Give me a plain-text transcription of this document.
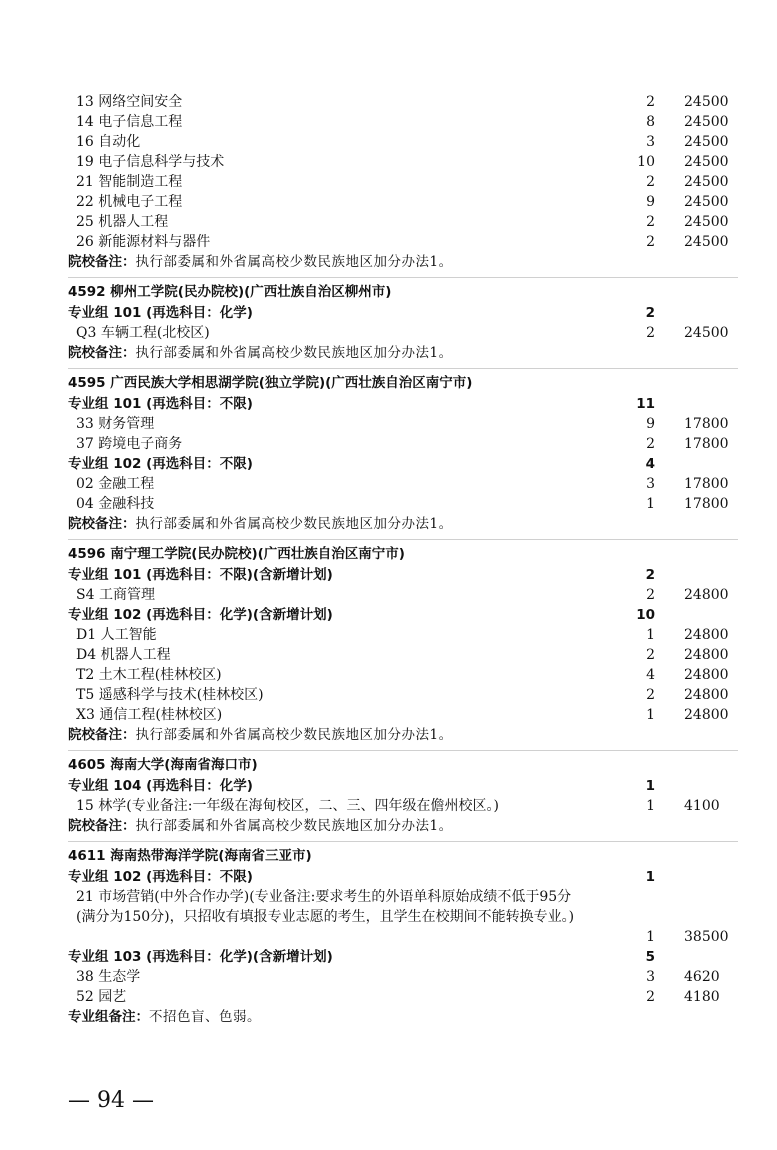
13 网络空间安全	2 24500
14 电子信息工程	8 24500
16 自动化	3 24500
19 电子信息科学与技术	10 24500
21 智能制造工程	2 24500
22 机械电子工程	9 24500
25 机器人工程	2 24500
26 新能源材料与器件	2 24500
院校备注：执行部委属和外省属高校少数民族地区加分办法1。
4592 柳州工学院(民办院校)(广西壮族自治区柳州市)
专业组 101 (再选科目：化学)	2
Q3 车辆工程(北校区)	2 24500
院校备注：执行部委属和外省属高校少数民族地区加分办法1。
4595 广西民族大学相思湖学院(独立学院)(广西壮族自治区南宁市)
专业组 101 (再选科目：不限)	11
33 财务管理	9 17800
37 跨境电子商务	2 17800
专业组 102 (再选科目：不限)	4
02 金融工程	3 17800
04 金融科技	1 17800
院校备注：执行部委属和外省属高校少数民族地区加分办法1。
4596 南宁理工学院(民办院校)(广西壮族自治区南宁市)
专业组 101 (再选科目：不限)(含新增计划)	2
S4 工商管理	2 24800
专业组 102 (再选科目：化学)(含新增计划)	10
D1 人工智能	1 24800
D4 机器人工程	2 24800
T2 土木工程(桂林校区)	4 24800
T5 遥感科学与技术(桂林校区)	2 24800
X3 通信工程(桂林校区)	1 24800
院校备注：执行部委属和外省属高校少数民族地区加分办法1。
4605 海南大学(海南省海口市)
专业组 104 (再选科目：化学)	1
15 林学(专业备注:一年级在海甸校区，二、三、四年级在儋州校区。)	1 4100
院校备注：执行部委属和外省属高校少数民族地区加分办法1。
4611 海南热带海洋学院(海南省三亚市)
专业组 102 (再选科目：不限)	1
21 市场营销(中外合作办学)(专业备注:要求考生的外语单科原始成绩不低于95分(满分为150分)，只招收有填报专业志愿的考生，且学生在校期间不能转换专业。)
1 38500
专业组 103 (再选科目：化学)(含新增计划)	5
38 生态学	3 4620
52 园艺	2 4180
专业组备注：不招色盲、色弱。
— 94 —
